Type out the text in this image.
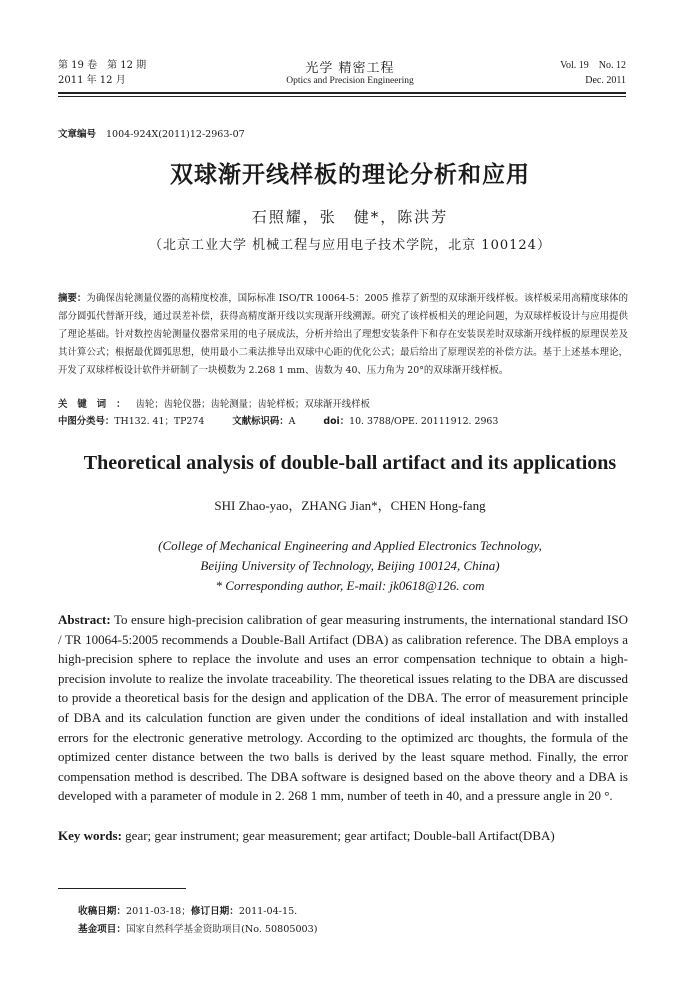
第 19 卷　第 12 期
2011 年 12 月
光学 精密工程
Optics and Precision Engineering
Vol. 19　No. 12
Dec. 2011
文章编号 1004-924X(2011)12-2963-07
双球渐开线样板的理论分析和应用
石照耀，张　健*，陈洪芳
（北京工业大学 机械工程与应用电子技术学院，北京 100124）
摘要：为确保齿轮测量仪器的高精度校准，国际标准 ISO/TR 10064-5：2005 推荐了新型的双球渐开线样板。该样板采用高精度球体的部分圆弧代替渐开线，通过误差补偿，获得高精度渐开线以实现渐开线溯源。研究了该样板相关的理论问题，为双球样板设计与应用提供了理论基础。针对数控齿轮测量仪器常采用的电子展成法，分析并给出了理想安装条件下和存在安装误差时双球渐开线样板的原理误差及其计算公式；根据最优圆弧思想，使用最小二乘法推导出双球中心距的优化公式；最后给出了原理误差的补偿方法。基于上述基本理论，开发了双球样板设计软件并研制了一块模数为 2.268 1 mm、齿数为 40、压力角为 20°的双球渐开线样板。
关键词：齿轮；齿轮仪器；齿轮测量；齿轮样板；双球渐开线样板
中图分类号：TH132. 41；TP274	文献标识码：A	doi：10. 3788/OPE. 20111912. 2963
Theoretical analysis of double-ball artifact and its applications
SHI Zhao-yao，ZHANG Jian*，CHEN Hong-fang
(College of Mechanical Engineering and Applied Electronics Technology,
Beijing University of Technology, Beijing 100124, China)
* Corresponding author, E-mail: jk0618@126. com
Abstract: To ensure high-precision calibration of gear measuring instruments, the international standard ISO / TR 10064-5:2005 recommends a Double-Ball Artifact (DBA) as calibration reference. The DBA employs a high-precision sphere to replace the involute and uses an error compensation technique to obtain a high-precision involute to realize the involate traceability. The theoretical issues relating to the DBA are discussed to provide a theoretical basis for the design and application of the DBA. The error of measurement principle of DBA and its calculation function are given under the conditions of ideal installation and with installed errors for the electronic generative metrology. According to the optimized arc thoughts, the formula of the optimized center distance between the two balls is derived by the least square method. Finally, the error compensation method is described. The DBA software is designed based on the above theory and a DBA is developed with a parameter of module in 2. 268 1 mm, number of teeth in 40, and a pressure angle in 20 °.
Key words: gear; gear instrument; gear measurement; gear artifact; Double-ball Artifact(DBA)
收稿日期：2011-03-18；修订日期：2011-04-15.
基金项目：国家自然科学基金资助项目(No. 50805003)
